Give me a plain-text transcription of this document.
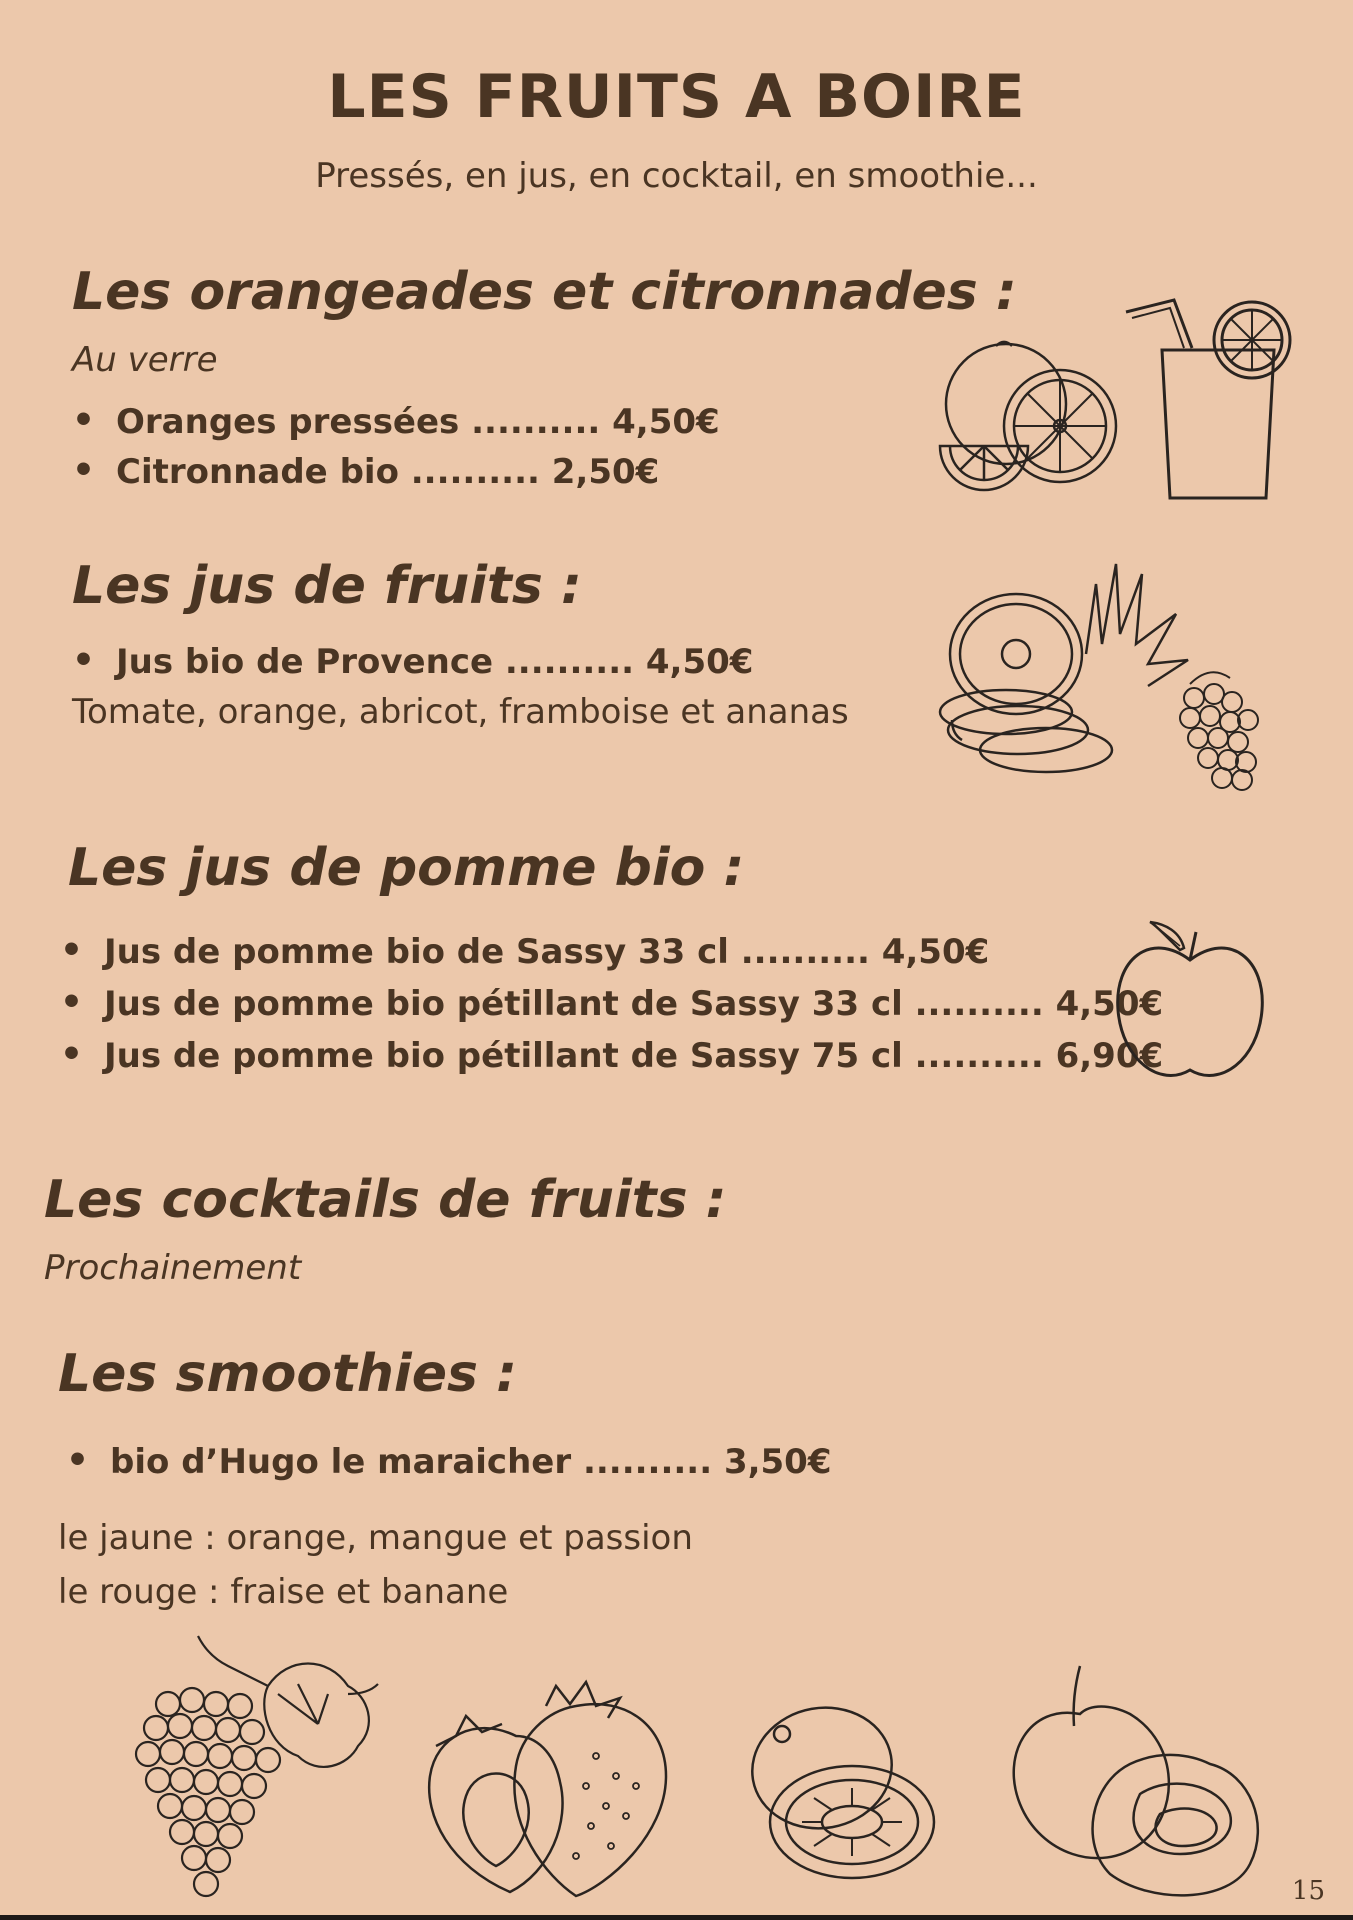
LES FRUITS A BOIRE
Pressés, en jus, en cocktail, en smoothie...
Les orangeades et citronnades :
Au verre
• Oranges pressées .......... 4,50€
• Citronnade bio .......... 2,50€
Les jus de fruits :
• Jus bio de Provence .......... 4,50€
Tomate, orange, abricot, framboise et ananas
Les jus de pomme bio :
• Jus de pomme bio de Sassy 33 cl .......... 4,50€
• Jus de pomme bio pétillant de Sassy 33 cl .......... 4,50€
• Jus de pomme bio pétillant de Sassy 75 cl .......... 6,90€
Les cocktails de fruits :
Prochainement
Les smoothies :
• bio d’Hugo le maraicher .......... 3,50€
le jaune : orange, mangue et passion
le rouge : fraise et banane
15
